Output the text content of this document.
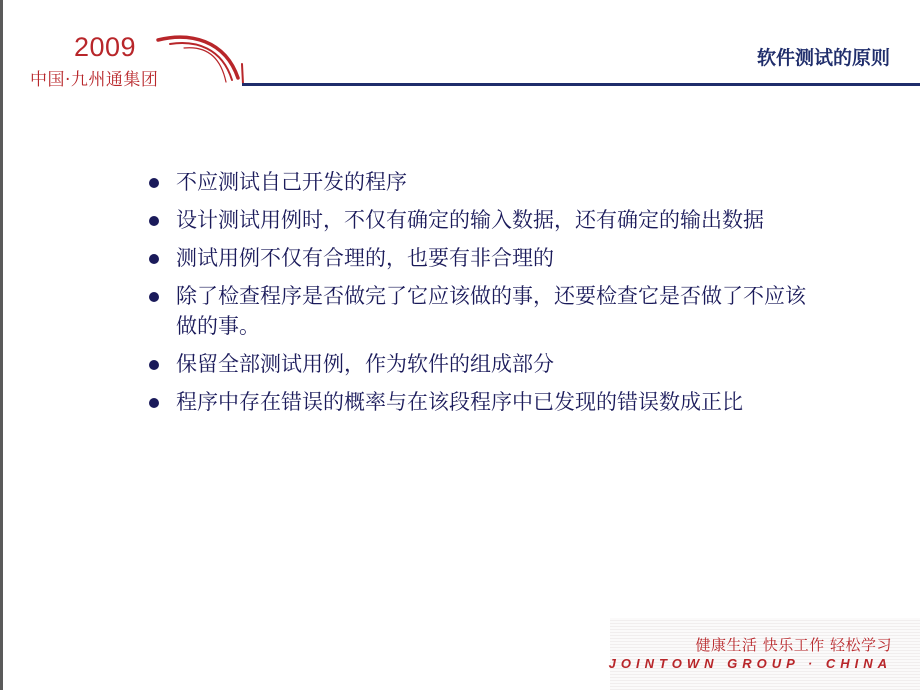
2009
中国·九州通集团
软件测试的原则
不应测试自己开发的程序
设计测试用例时，不仅有确定的输入数据，还有确定的输出数据
测试用例不仅有合理的，也要有非合理的
除了检查程序是否做完了它应该做的事，还要检查它是否做了不应该做的事。
保留全部测试用例，作为软件的组成部分
程序中存在错误的概率与在该段程序中已发现的错误数成正比
健康生活 快乐工作 轻松学习
JOINTOWN GROUP · CHINA
